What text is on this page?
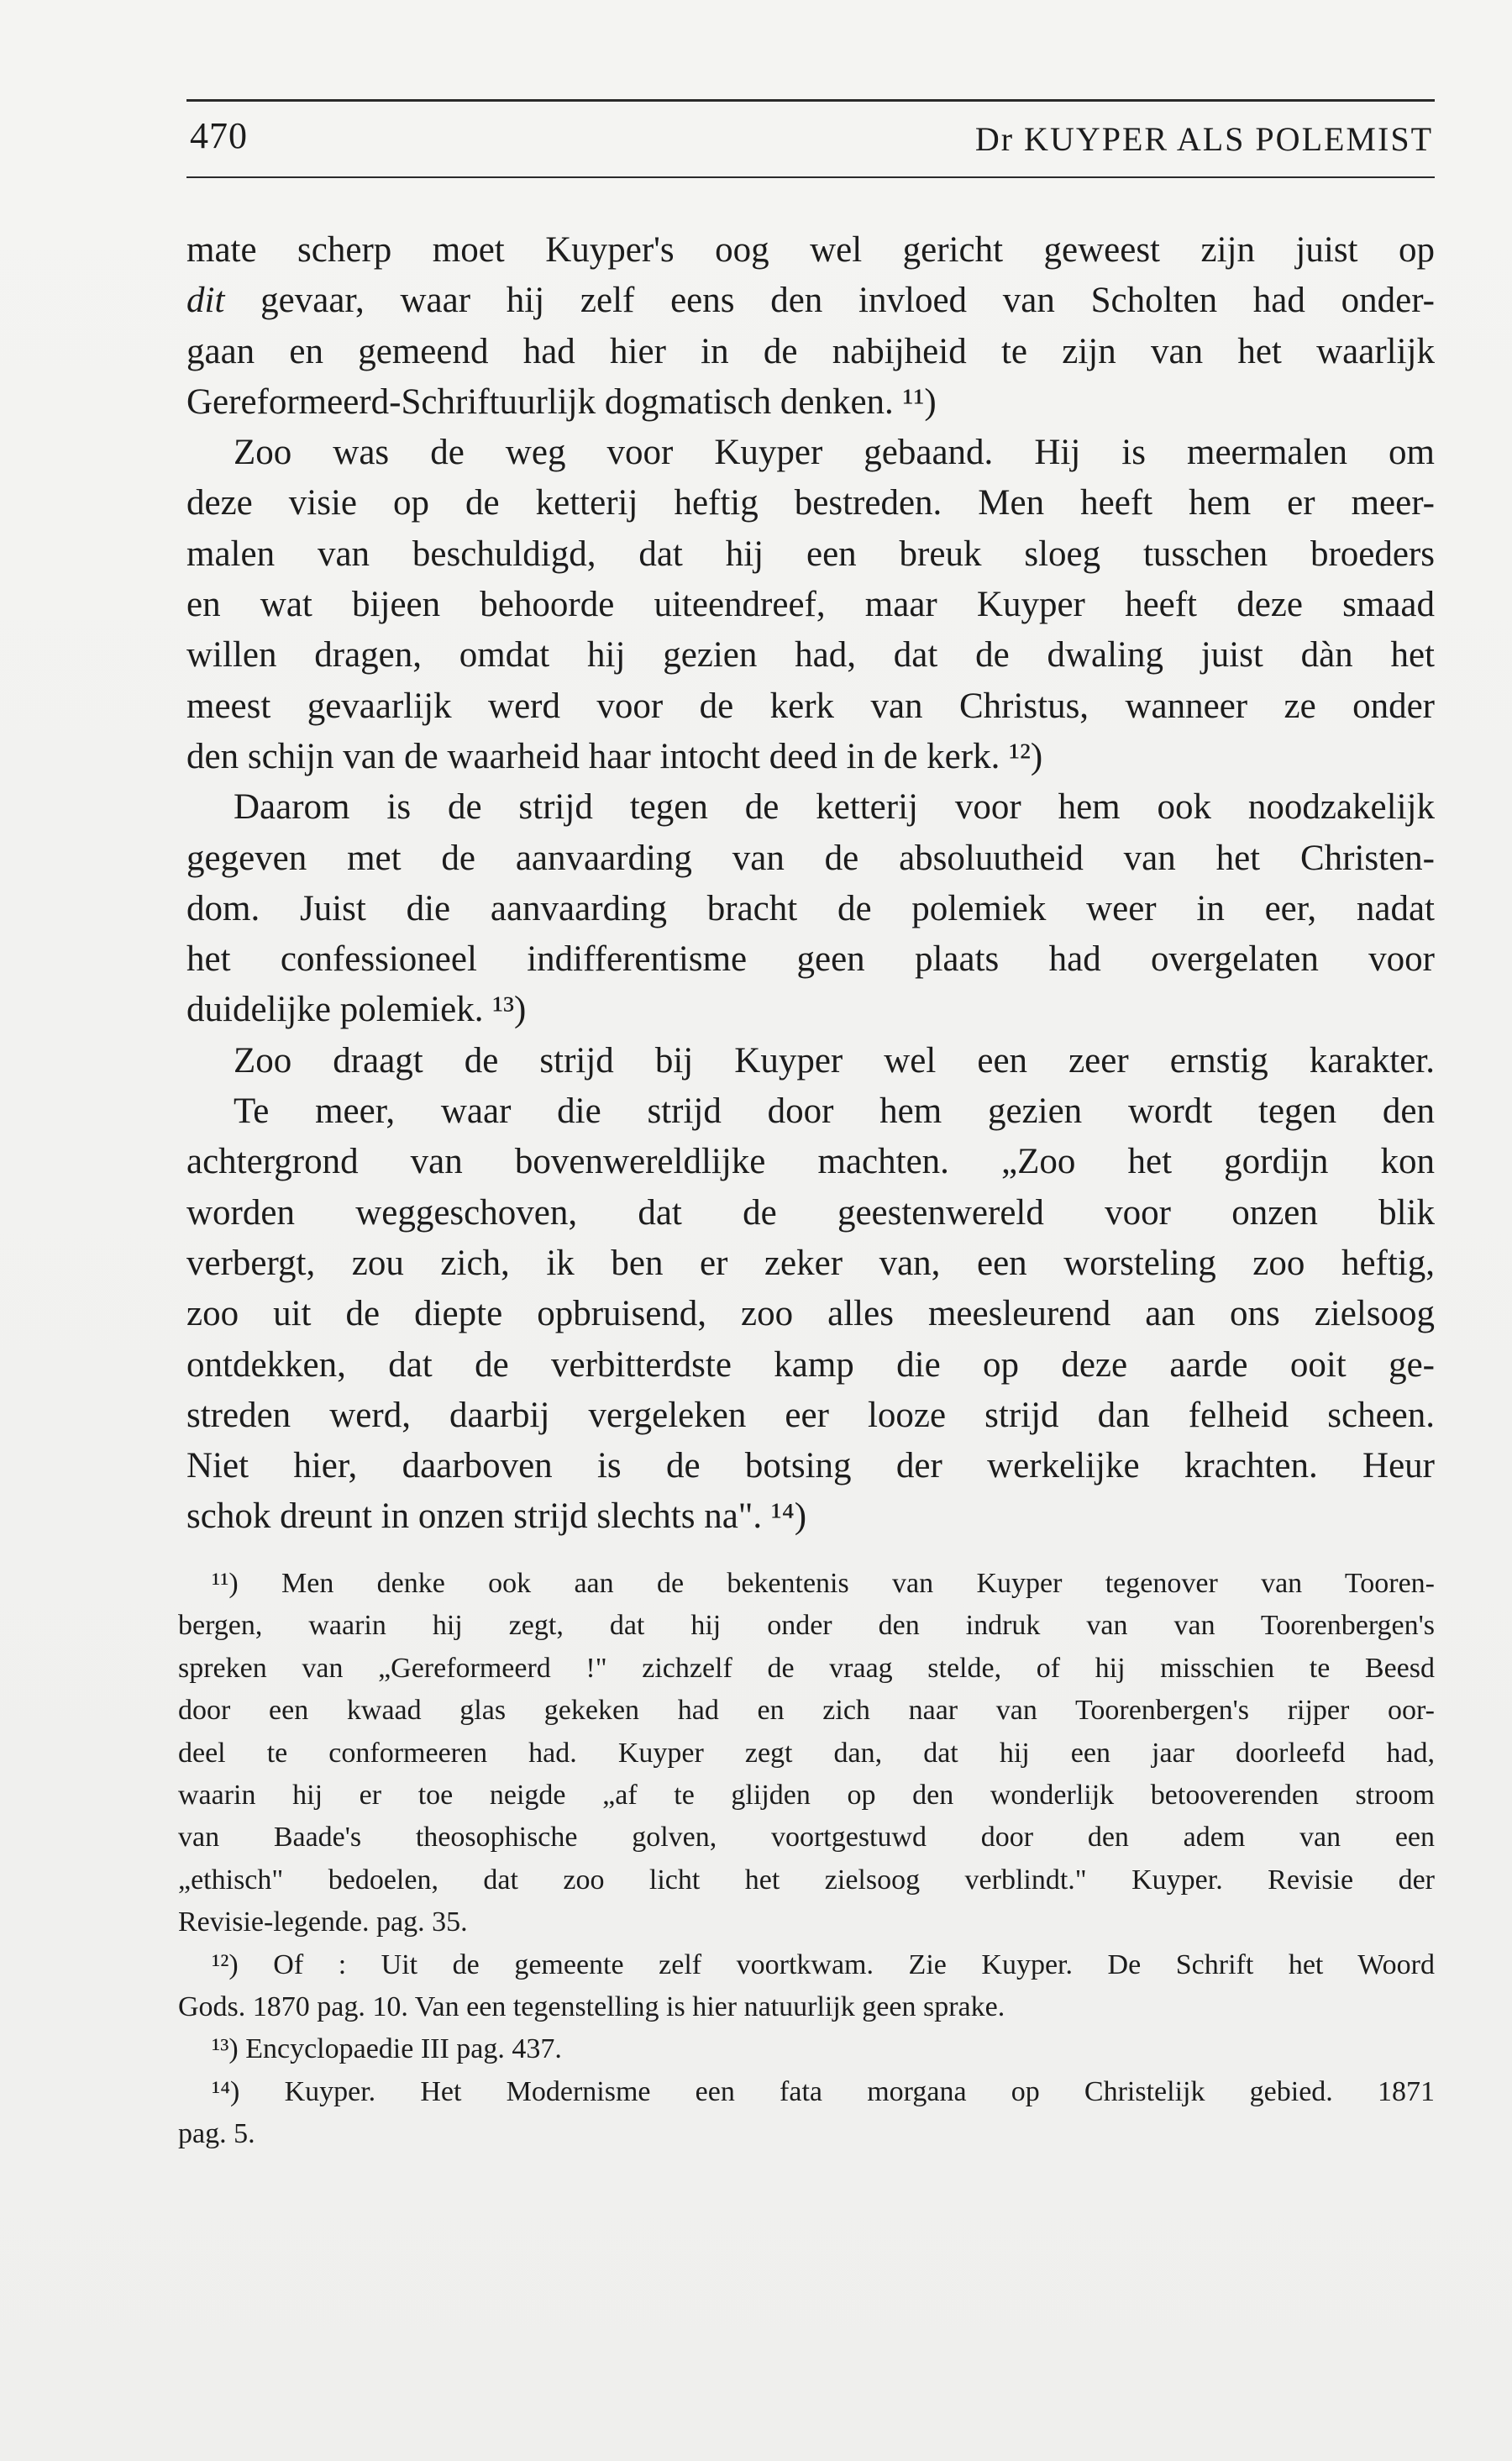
470	Dr KUYPER ALS POLEMIST
mate scherp moet Kuyper's oog wel gericht geweest zijn juist op
dit gevaar, waar hij zelf eens den invloed van Scholten had onder-
gaan en gemeend had hier in de nabijheid te zijn van het waarlijk
Gereformeerd-Schriftuurlijk dogmatisch denken. ¹¹)
Zoo was de weg voor Kuyper gebaand. Hij is meermalen om
deze visie op de ketterij heftig bestreden. Men heeft hem er meer-
malen van beschuldigd, dat hij een breuk sloeg tusschen broeders
en wat bijeen behoorde uiteendreef, maar Kuyper heeft deze smaad
willen dragen, omdat hij gezien had, dat de dwaling juist dàn het
meest gevaarlijk werd voor de kerk van Christus, wanneer ze onder
den schijn van de waarheid haar intocht deed in de kerk. ¹²)
Daarom is de strijd tegen de ketterij voor hem ook noodzakelijk
gegeven met de aanvaarding van de absoluutheid van het Christen-
dom. Juist die aanvaarding bracht de polemiek weer in eer, nadat
het confessioneel indifferentisme geen plaats had overgelaten voor
duidelijke polemiek. ¹³)
Zoo draagt de strijd bij Kuyper wel een zeer ernstig karakter.
Te meer, waar die strijd door hem gezien wordt tegen den
achtergrond van bovenwereldlijke machten. „Zoo het gordijn kon
worden weggeschoven, dat de geestenwereld voor onzen blik
verbergt, zou zich, ik ben er zeker van, een worsteling zoo heftig,
zoo uit de diepte opbruisend, zoo alles meesleurend aan ons zielsoog
ontdekken, dat de verbitterdste kamp die op deze aarde ooit ge-
streden werd, daarbij vergeleken eer looze strijd dan felheid scheen.
Niet hier, daarboven is de botsing der werkelijke krachten. Heur
schok dreunt in onzen strijd slechts na". ¹⁴)
¹¹) Men denke ook aan de bekentenis van Kuyper tegenover van Tooren-
bergen, waarin hij zegt, dat hij onder den indruk van van Toorenbergen's
spreken van „Gereformeerd !" zichzelf de vraag stelde, of hij misschien te Beesd
door een kwaad glas gekeken had en zich naar van Toorenbergen's rijper oor-
deel te conformeeren had. Kuyper zegt dan, dat hij een jaar doorleefd had,
waarin hij er toe neigde „af te glijden op den wonderlijk betooverenden stroom
van Baade's theosophische golven, voortgestuwd door den adem van een
„ethisch" bedoelen, dat zoo licht het zielsoog verblindt." Kuyper. Revisie der
Revisie-legende. pag. 35.
¹²) Of : Uit de gemeente zelf voortkwam. Zie Kuyper. De Schrift het Woord
Gods. 1870 pag. 10. Van een tegenstelling is hier natuurlijk geen sprake.
¹³) Encyclopaedie III pag. 437.
¹⁴) Kuyper. Het Modernisme een fata morgana op Christelijk gebied. 1871
pag. 5.
